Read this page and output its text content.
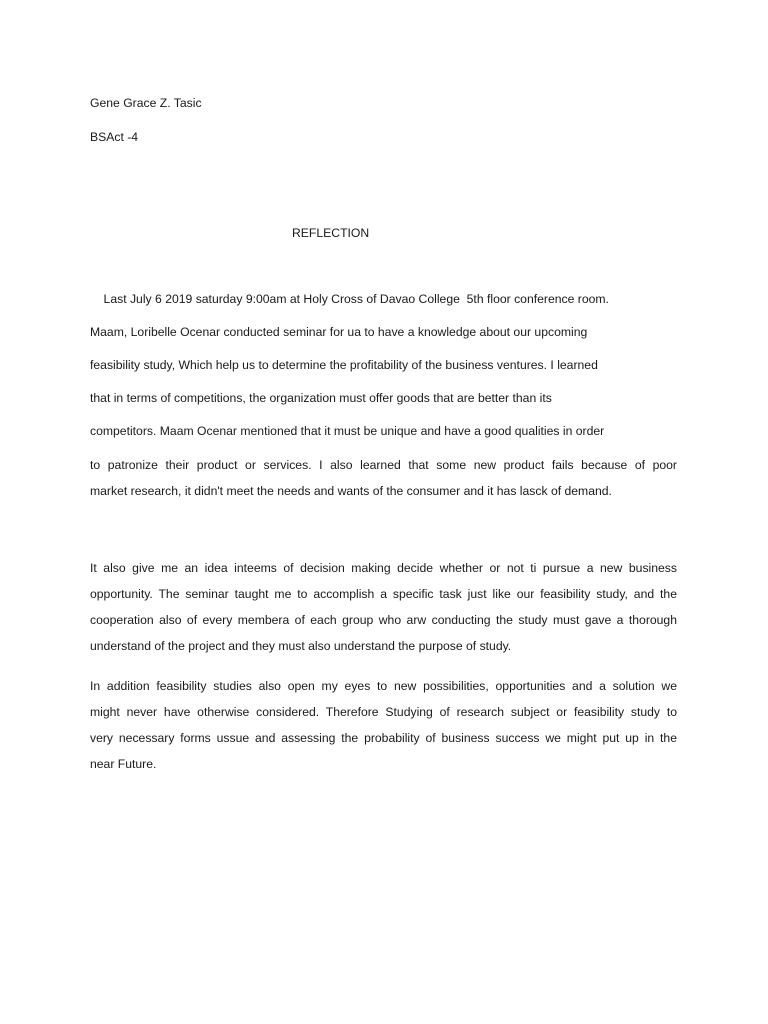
Gene Grace Z. Tasic
BSAct -4
REFLECTION
Last July 6 2019 saturday 9:00am at Holy Cross of Davao College  5th floor conference room.
Maam, Loribelle Ocenar conducted seminar for ua to have a knowledge about our upcoming
feasibility study, Which help us to determine the profitability of the business ventures. I learned
that in terms of competitions, the organization must offer goods that are better than its
competitors. Maam Ocenar mentioned that it must be unique and have a good qualities in order
to patronize their product or services. I also learned that some new product fails because of poor
market research, it didn't meet the needs and wants of the consumer and it has lasck of demand.
It also give me an idea inteems of decision making decide whether or not ti pursue a new business
opportunity. The seminar taught me to accomplish a specific task just like our feasibility study, and the
cooperation also of every membera of each group who arw conducting the study must gave a thorough
understand of the project and they must also understand the purpose of study.
In addition feasibility studies also open my eyes to new possibilities, opportunities and a solution we
might never have otherwise considered. Therefore Studying of research subject or feasibility study to
very necessary forms ussue and assessing the probability of business success we might put up in the
near Future.
